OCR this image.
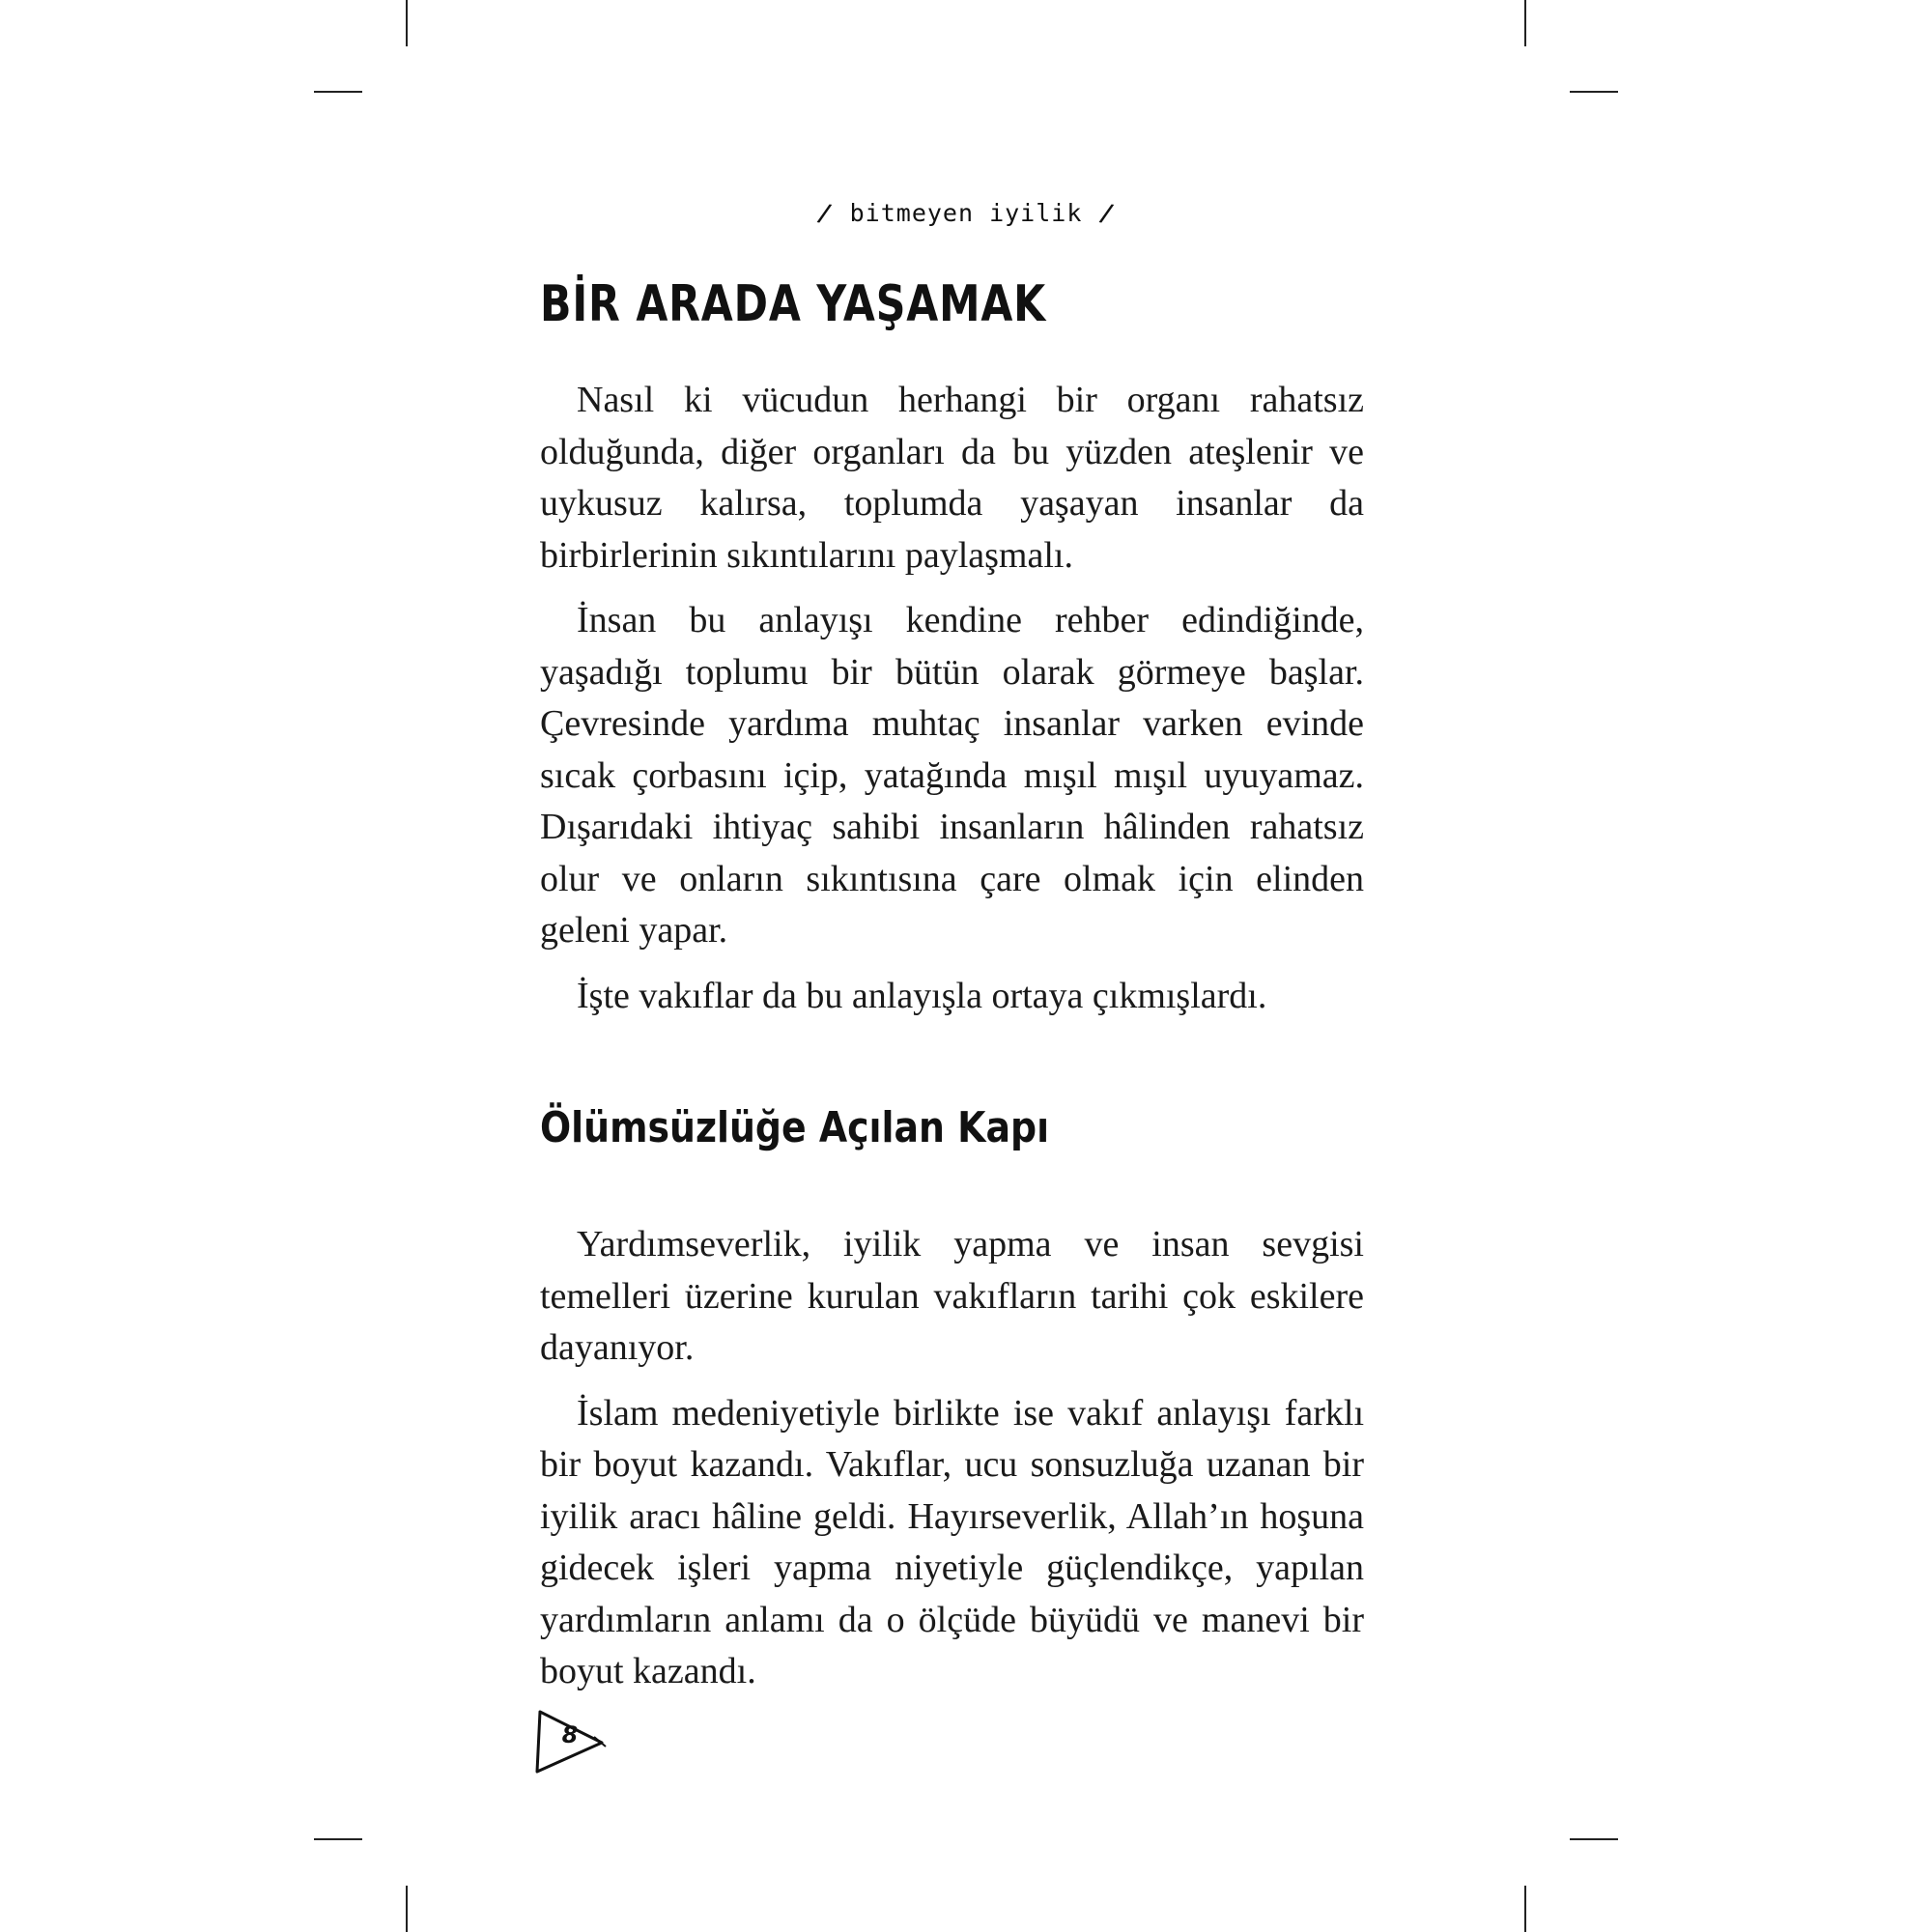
/ bitmeyen iyilik /
BİR ARADA YAŞAMAK

Nasıl ki vücudun herhangi bir organı rahatsız olduğunda, diğer organları da bu yüzden ateşlenir ve uykusuz kalırsa, toplumda yaşayan insanlar da birbirlerinin sıkıntılarını paylaşmalı.

İnsan bu anlayışı kendine rehber edindiğinde, yaşadığı toplumu bir bütün olarak görmeye başlar. Çevresinde yardıma muhtaç insanlar varken evinde sıcak çorbasını içip, yatağında mışıl mışıl uyuyamaz. Dışarıdaki ihtiyaç sahibi insanların hâlinden rahatsız olur ve onların sıkıntısına çare olmak için elinden geleni yapar.

İşte vakıflar da bu anlayışla ortaya çıkmışlardı.

Ölümsüzlüğe Açılan Kapı

Yardımseverlik, iyilik yapma ve insan sevgisi temelleri üzerine kurulan vakıfların tarihi çok eskilere dayanıyor.

İslam medeniyetiyle birlikte ise vakıf anlayışı farklı bir boyut kazandı. Vakıflar, ucu sonsuzluğa uzanan bir iyilik aracı hâline geldi. Hayırseverlik, Allah’ın hoşuna gidecek işleri yapma niyetiyle güçlendikçe, yapılan yardımların anlamı da o ölçüde büyüdü ve manevi bir boyut kazandı.

8
